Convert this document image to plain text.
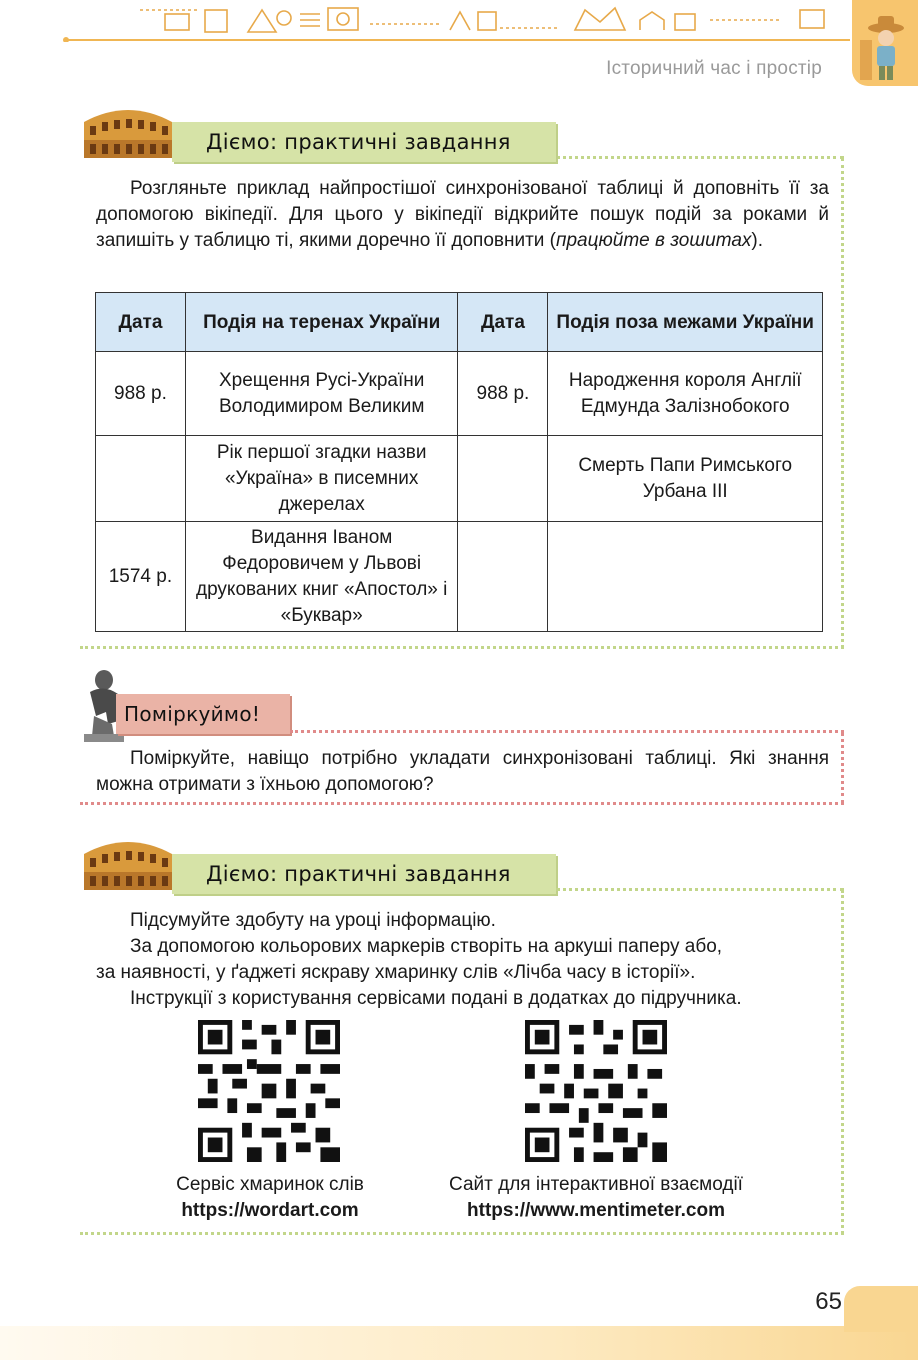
Історичний час і простір
Дiємо: практичнi завдання

Розгляньте приклад найпростішої синхронізованої таблиці й доповніть її за допомогою вікіпедії. Для цього у вікіпедії відкрийте пошук подій за роками й запишіть у таблицю ті, якими доречно її доповнити (працюйте в зошитах).

Дата	Подія на теренах України	Дата	Подія поза межами України
988 р.	Хрещення Русі-України Володимиром Великим	988 р.	Народження короля Англії Едмунда Залізнобокого
	Рік першої згадки назви «Україна» в писемних джерелах		Смерть Папи Римського Урбана III
1574 р.	Видання Іваном Федоровичем у Львові друкованих книг «Апостол» і «Буквар»		
Поміркуймо!

Поміркуйте, навіщо потрібно укладати синхронізовані таблиці. Які знання можна отримати з їхньою допомогою?

Дiємо: практичнi завдання
Підсумуйте здобуту на уроці інформацію.
За допомогою кольорових маркерів створіть на аркуші паперу або,
за наявності, у ґаджеті яскраву хмаринку слів «Лічба часу в історії».
Інструкції з користування сервісами подані в додатках до підручника.
Сервіс хмаринок слів
https://wordart.com
Сайт для інтерактивної взаємодії
https://www.mentimeter.com
65
